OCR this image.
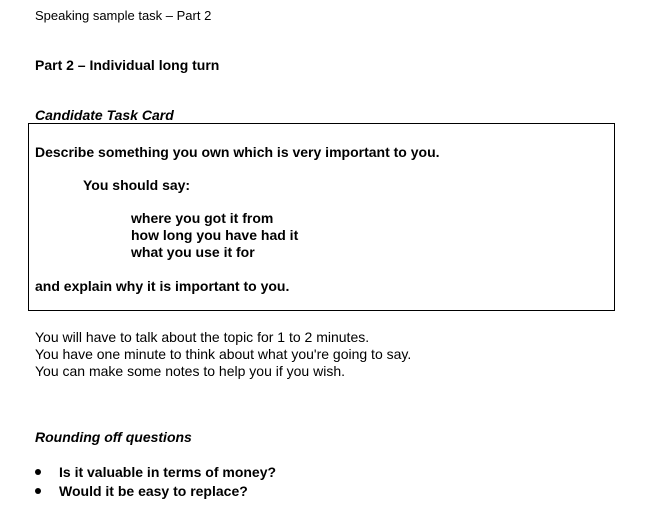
Speaking sample task – Part 2
Part 2 – Individual long turn
Candidate Task Card
Describe something you own which is very important to you.
You should say:
where you got it from
how long you have had it
what you use it for
and explain why it is important to you.
You will have to talk about the topic for 1 to 2 minutes.
You have one minute to think about what you're going to say.
You can make some notes to help you if you wish.
Rounding off questions
Is it valuable in terms of money?
Would it be easy to replace?
